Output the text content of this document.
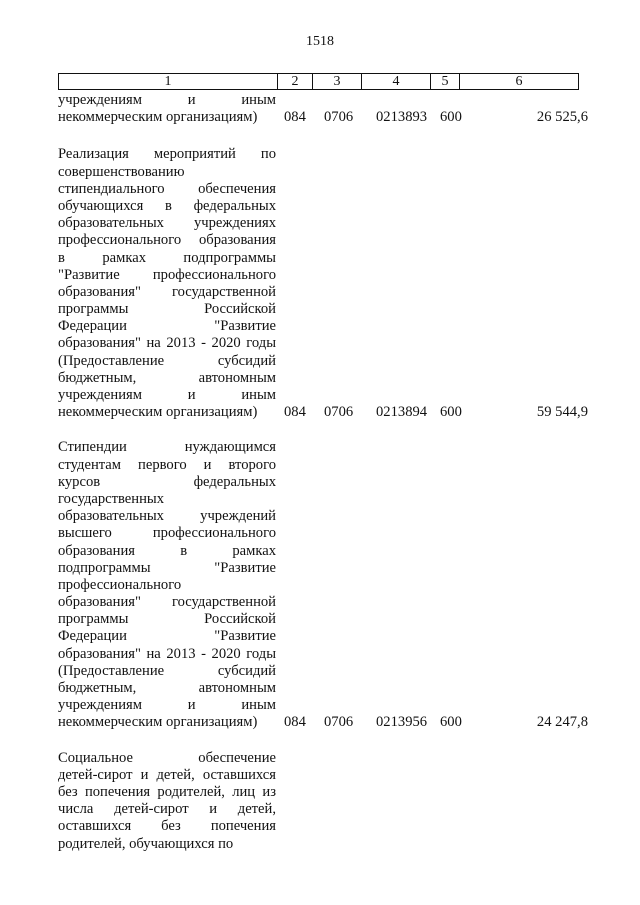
1518
1	2	3	4	5	6
учреждениям и иным
некоммерческим организациям)	084 0706 0213893 600	26 525,6
Реализация мероприятий по
совершенствованию
стипендиального обеспечения
обучающихся в федеральных
образовательных учреждениях
профессионального образования
в рамках подпрограммы
"Развитие профессионального
образования" государственной
программы Российской
Федерации "Развитие
образования" на 2013 - 2020 годы
(Предоставление субсидий
бюджетным, автономным
учреждениям и иным
некоммерческим организациям)	084 0706 0213894 600	59 544,9
Стипендии нуждающимся
студентам первого и второго
курсов федеральных
государственных
образовательных учреждений
высшего профессионального
образования в рамках
подпрограммы "Развитие
профессионального
образования" государственной
программы Российской
Федерации "Развитие
образования" на 2013 - 2020 годы
(Предоставление субсидий
бюджетным, автономным
учреждениям и иным
некоммерческим организациям)	084 0706 0213956 600	24 247,8
Социальное обеспечение
детей-сирот и детей, оставшихся
без попечения родителей, лиц из
числа детей-сирот и детей,
оставшихся без попечения
родителей, обучающихся по
